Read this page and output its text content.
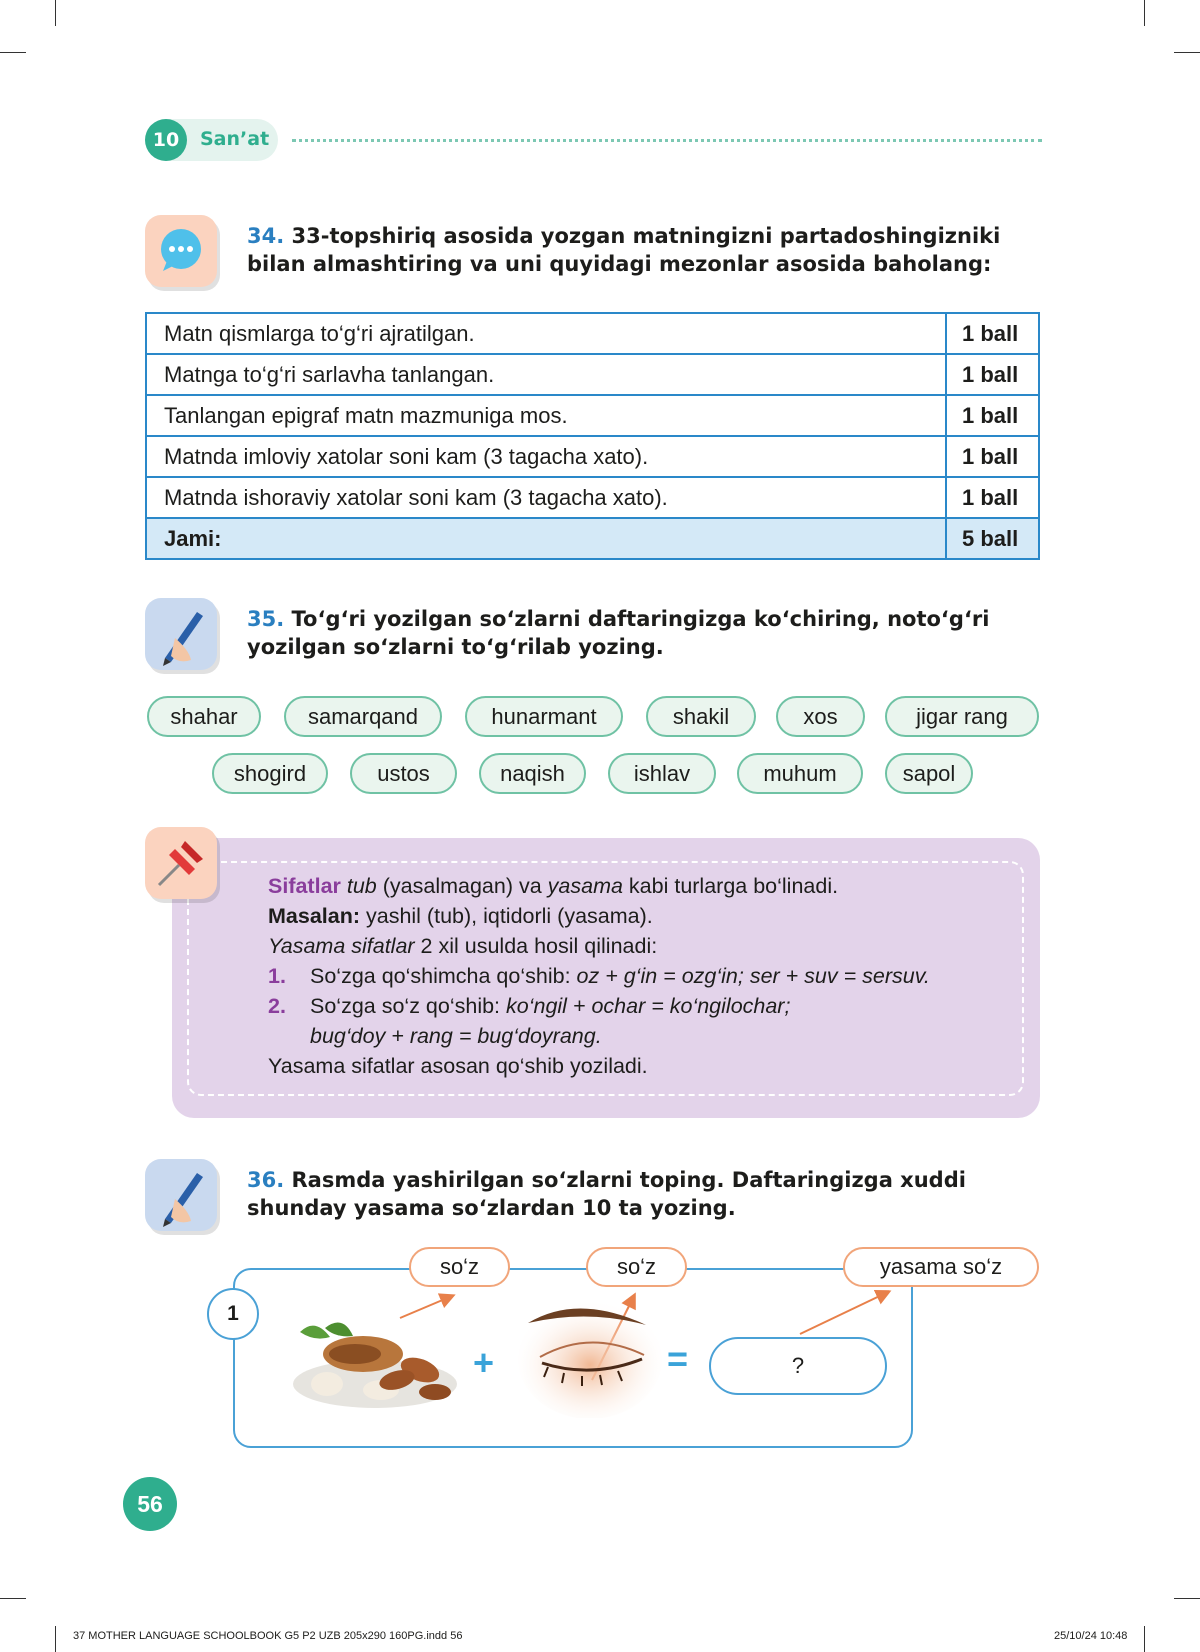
10	San’at
34. 33-topshiriq asosida yozgan matningizni partadoshingizniki bilan almashtiring va uni quyidagi mezonlar asosida baholang:
Matn qismlarga to‘g‘ri ajratilgan.	1 ball
Matnga to‘g‘ri sarlavha tanlangan.	1 ball
Tanlangan epigraf matn mazmuniga mos.	1 ball
Matnda imloviy xatolar soni kam (3 tagacha xato).	1 ball
Matnda ishoraviy xatolar soni kam (3 tagacha xato).	1 ball
Jami:	5 ball
35. To‘g‘ri yozilgan so‘zlarni daftaringizga ko‘chiring, noto‘g‘ri yozilgan so‘zlarni to‘g‘rilab yozing.
shahar	samarqand	hunarmant	shakil	xos	jigar rang
shogird	ustos	naqish	ishlav	muhum	sapol
Sifatlar tub (yasalmagan) va yasama kabi turlarga bo‘linadi.
Masalan: yashil (tub), iqtidorli (yasama).
Yasama sifatlar 2 xil usulda hosil qilinadi:
1. So‘zga qo‘shimcha qo‘shib: oz + g‘in = ozg‘in; ser + suv = sersuv.
2. So‘zga so‘z qo‘shib: ko‘ngil + ochar = ko‘ngilochar;
bug‘doy + rang = bug‘doyrang.
Yasama sifatlar asosan qo‘shib yoziladi.
36. Rasmda yashirilgan so‘zlarni toping. Daftaringizga xuddi shunday yasama so‘zlardan 10 ta yozing.
1
so‘z	so‘z	yasama so‘z
+	=	?
56
37 MOTHER LANGUAGE SCHOOLBOOK G5 P2 UZB 205x290 160PG.indd 56	25/10/24 10:48
